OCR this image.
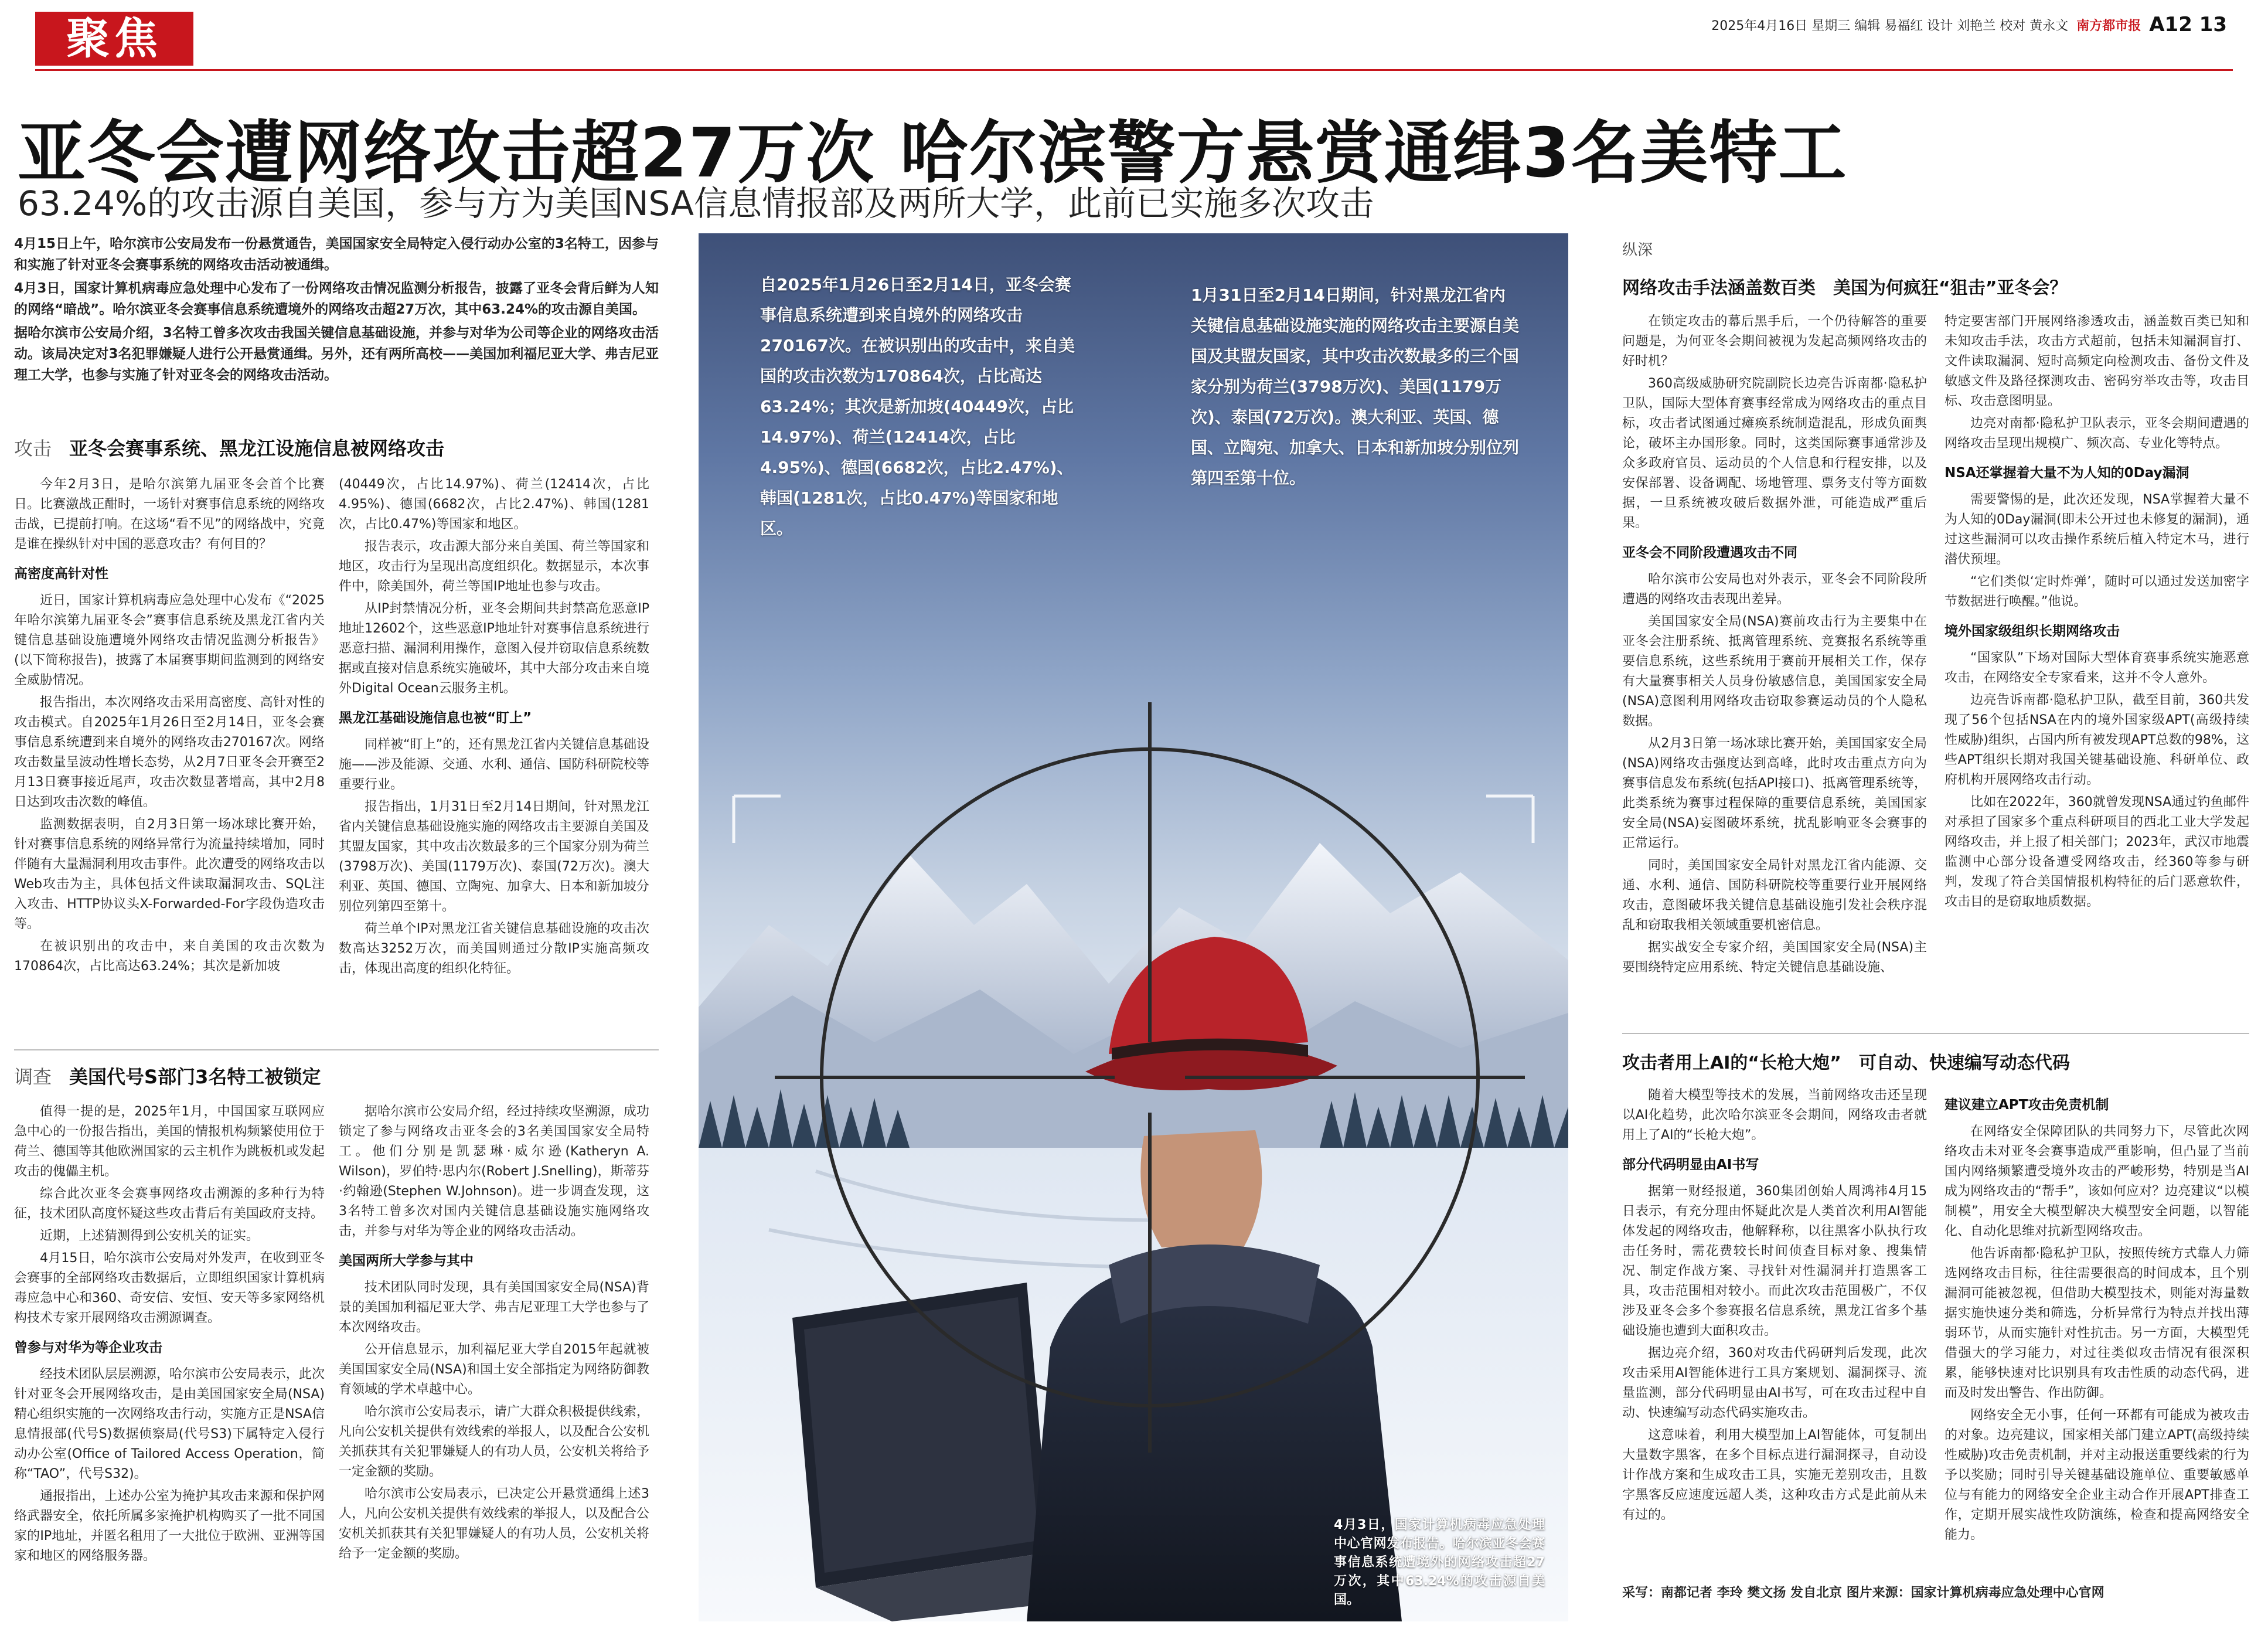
聚焦	2025年4月16日 星期三 编辑 易福红 设计 刘艳兰 校对 黄永文 南方都市报 A12 13
亚冬会遭网络攻击超27万次 哈尔滨警方悬赏通缉3名美特工
63.24%的攻击源自美国，参与方为美国NSA信息情报部及两所大学，此前已实施多次攻击

4月15日上午，哈尔滨市公安局发布一份悬赏通告，美国国家安全局特定入侵行动办公室的3名特工，因参与和实施了针对亚冬会赛事系统的网络攻击活动被通缉。

4月3日，国家计算机病毒应急处理中心发布了一份网络攻击情况监测分析报告，披露了亚冬会背后鲜为人知的网络“暗战”。哈尔滨亚冬会赛事信息系统遭境外的网络攻击超27万次，其中63.24%的攻击源自美国。

据哈尔滨市公安局介绍，3名特工曾多次攻击我国关键信息基础设施，并参与对华为公司等企业的网络攻击活动。该局决定对3名犯罪嫌疑人进行公开悬赏通缉。另外，还有两所高校——美国加利福尼亚大学、弗吉尼亚理工大学，也参与实施了针对亚冬会的网络攻击活动。

攻击 亚冬会赛事系统、黑龙江设施信息被网络攻击

今年2月3日，是哈尔滨第九届亚冬会首个比赛日。比赛激战正酣时，一场针对赛事信息系统的网络攻击战，已提前打响。在这场“看不见”的网络战中，究竟是谁在操纵针对中国的恶意攻击？有何目的？

高密度高针对性

近日，国家计算机病毒应急处理中心发布《“2025年哈尔滨第九届亚冬会”赛事信息系统及黑龙江省内关键信息基础设施遭境外网络攻击情况监测分析报告》(以下简称报告)，披露了本届赛事期间监测到的网络安全威胁情况。

报告指出，本次网络攻击采用高密度、高针对性的攻击模式。自2025年1月26日至2月14日，亚冬会赛事信息系统遭到来自境外的网络攻击270167次。网络攻击数量呈波动性增长态势，从2月7日亚冬会开赛至2月13日赛事接近尾声，攻击次数显著增高，其中2月8日达到攻击次数的峰值。

监测数据表明，自2月3日第一场冰球比赛开始，针对赛事信息系统的网络异常行为流量持续增加，同时伴随有大量漏洞利用攻击事件。此次遭受的网络攻击以Web攻击为主，具体包括文件读取漏洞攻击、SQL注入攻击、HTTP协议头X-Forwarded-For字段伪造攻击等。

在被识别出的攻击中，来自美国的攻击次数为170864次，占比高达63.24%；其次是新加坡

(40449次，占比14.97%)、荷兰(12414次，占比4.95%)、德国(6682次，占比2.47%)、韩国(1281次，占比0.47%)等国家和地区。

报告表示，攻击源大部分来自美国、荷兰等国家和地区，攻击行为呈现出高度组织化。数据显示，本次事件中，除美国外，荷兰等国IP地址也参与攻击。

从IP封禁情况分析，亚冬会期间共封禁高危恶意IP地址12602个，这些恶意IP地址针对赛事信息系统进行恶意扫描、漏洞利用操作，意图入侵并窃取信息系统数据或直接对信息系统实施破坏，其中大部分攻击来自境外Digital Ocean云服务主机。

黑龙江基础设施信息也被“盯上”

同样被“盯上”的，还有黑龙江省内关键信息基础设施——涉及能源、交通、水利、通信、国防科研院校等重要行业。

报告指出，1月31日至2月14日期间，针对黑龙江省内关键信息基础设施实施的网络攻击主要源自美国及其盟友国家，其中攻击次数最多的三个国家分别为荷兰(3798万次)、美国(1179万次)、泰国(72万次)。澳大利亚、英国、德国、立陶宛、加拿大、日本和新加坡分别位列第四至第十。

荷兰单个IP对黑龙江省关键信息基础设施的攻击次数高达3252万次，而美国则通过分散IP实施高频攻击，体现出高度的组织化特征。

调查 美国代号S部门3名特工被锁定

值得一提的是，2025年1月，中国国家互联网应急中心的一份报告指出，美国的情报机构频繁使用位于荷兰、德国等其他欧洲国家的云主机作为跳板机或发起攻击的傀儡主机。

综合此次亚冬会赛事网络攻击溯源的多种行为特征，技术团队高度怀疑这些攻击背后有美国政府支持。

近期，上述猜测得到公安机关的证实。

4月15日，哈尔滨市公安局对外发声，在收到亚冬会赛事的全部网络攻击数据后，立即组织国家计算机病毒应急中心和360、奇安信、安恒、安天等多家网络机构技术专家开展网络攻击溯源调查。

曾参与对华为等企业攻击

经技术团队层层溯源，哈尔滨市公安局表示，此次针对亚冬会开展网络攻击，是由美国国家安全局(NSA)精心组织实施的一次网络攻击行动，实施方正是NSA信息情报部(代号S)数据侦察局(代号S3)下属特定入侵行动办公室(Office of Tailored Access Operation，简称“TAO”，代号S32)。

通报指出，上述办公室为掩护其攻击来源和保护网络武器安全，依托所属多家掩护机构购买了一批不同国家的IP地址，并匿名租用了一大批位于欧洲、亚洲等国家和地区的网络服务器。

据哈尔滨市公安局介绍，经过持续攻坚溯源，成功锁定了参与网络攻击亚冬会的3名美国国家安全局特工。他们分别是凯瑟琳·威尔逊(Katheryn A. Wilson)，罗伯特·思内尔(Robert J.Snelling)，斯蒂芬·约翰逊(Stephen W.Johnson)。进一步调查发现，这3名特工曾多次对国内关键信息基础设施实施网络攻击，并参与对华为等企业的网络攻击活动。

美国两所大学参与其中

技术团队同时发现，具有美国国家安全局(NSA)背景的美国加利福尼亚大学、弗吉尼亚理工大学也参与了本次网络攻击。

公开信息显示，加利福尼亚大学自2015年起就被美国国家安全局(NSA)和国土安全部指定为网络防御教育领域的学术卓越中心。

哈尔滨市公安局表示，请广大群众积极提供线索，凡向公安机关提供有效线索的举报人，以及配合公安机关抓获其有关犯罪嫌疑人的有功人员，公安机关将给予一定金额的奖励。

哈尔滨市公安局表示，已决定公开悬赏通缉上述3人，凡向公安机关提供有效线索的举报人，以及配合公安机关抓获其有关犯罪嫌疑人的有功人员，公安机关将给予一定金额的奖励。

自2025年1月26日至2月14日，亚冬会赛事信息系统遭到来自境外的网络攻击270167次。在被识别出的攻击中，来自美国的攻击次数为170864次，占比高达63.24%；其次是新加坡(40449次，占比14.97%)、荷兰(12414次，占比4.95%)、德国(6682次，占比2.47%)、韩国(1281次，占比0.47%)等国家和地区。
1月31日至2月14日期间，针对黑龙江省内关键信息基础设施实施的网络攻击主要源自美国及其盟友国家，其中攻击次数最多的三个国家分别为荷兰(3798万次)、美国(1179万次)、泰国(72万次)。澳大利亚、英国、德国、立陶宛、加拿大、日本和新加坡分别位列第四至第十位。
4月3日，国家计算机病毒应急处理中心官网发布报告。哈尔滨亚冬会赛事信息系统遭境外的网络攻击超27万次，其中63.24%的攻击源自美国。
纵深
网络攻击手法涵盖数百类　美国为何疯狂“狙击”亚冬会？

在锁定攻击的幕后黑手后，一个仍待解答的重要问题是，为何亚冬会期间被视为发起高频网络攻击的好时机？

360高级威胁研究院副院长边亮告诉南都·隐私护卫队，国际大型体育赛事经常成为网络攻击的重点目标，攻击者试图通过瘫痪系统制造混乱，形成负面舆论，破坏主办国形象。同时，这类国际赛事通常涉及众多政府官员、运动员的个人信息和行程安排，以及安保部署、设备调配、场地管理、票务支付等方面数据，一旦系统被攻破后数据外泄，可能造成严重后果。

亚冬会不同阶段遭遇攻击不同

哈尔滨市公安局也对外表示，亚冬会不同阶段所遭遇的网络攻击表现出差异。

美国国家安全局(NSA)赛前攻击行为主要集中在亚冬会注册系统、抵离管理系统、竞赛报名系统等重要信息系统，这些系统用于赛前开展相关工作，保存有大量赛事相关人员身份敏感信息，美国国家安全局(NSA)意图利用网络攻击窃取参赛运动员的个人隐私数据。

从2月3日第一场冰球比赛开始，美国国家安全局(NSA)网络攻击强度达到高峰，此时攻击重点方向为赛事信息发布系统(包括API接口)、抵离管理系统等，此类系统为赛事过程保障的重要信息系统，美国国家安全局(NSA)妄图破坏系统，扰乱影响亚冬会赛事的正常运行。

同时，美国国家安全局针对黑龙江省内能源、交通、水利、通信、国防科研院校等重要行业开展网络攻击，意图破坏我关键信息基础设施引发社会秩序混乱和窃取我相关领域重要机密信息。

据实战安全专家介绍，美国国家安全局(NSA)主要围绕特定应用系统、特定关键信息基础设施、

特定要害部门开展网络渗透攻击，涵盖数百类已知和未知攻击手法，攻击方式超前，包括未知漏洞盲打、文件读取漏洞、短时高频定向检测攻击、备份文件及敏感文件及路径探测攻击、密码穷举攻击等，攻击目标、攻击意图明显。

边亮对南都·隐私护卫队表示，亚冬会期间遭遇的网络攻击呈现出规模广、频次高、专业化等特点。

NSA还掌握着大量不为人知的0Day漏洞

需要警惕的是，此次还发现，NSA掌握着大量不为人知的0Day漏洞(即未公开过也未修复的漏洞)，通过这些漏洞可以攻击操作系统后植入特定木马，进行潜伏预埋。

“它们类似‘定时炸弹’，随时可以通过发送加密字节数据进行唤醒。”他说。

境外国家级组织长期网络攻击

“国家队”下场对国际大型体育赛事系统实施恶意攻击，在网络安全专家看来，这并不令人意外。

边亮告诉南都·隐私护卫队，截至目前，360共发现了56个包括NSA在内的境外国家级APT(高级持续性威胁)组织，占国内所有被发现APT总数的98%，这些APT组织长期对我国关键基础设施、科研单位、政府机构开展网络攻击行动。

比如在2022年，360就曾发现NSA通过钓鱼邮件对承担了国家多个重点科研项目的西北工业大学发起网络攻击，并上报了相关部门；2023年，武汉市地震监测中心部分设备遭受网络攻击，经360等参与研判，发现了符合美国情报机构特征的后门恶意软件，攻击目的是窃取地质数据。

攻击者用上AI的“长枪大炮”　可自动、快速编写动态代码

随着大模型等技术的发展，当前网络攻击还呈现以AI化趋势，此次哈尔滨亚冬会期间，网络攻击者就用上了AI的“长枪大炮”。

部分代码明显由AI书写

据第一财经报道，360集团创始人周鸿祎4月15日表示，有充分理由怀疑此次是人类首次利用AI智能体发起的网络攻击，他解释称，以往黑客小队执行攻击任务时，需花费较长时间侦查目标对象、搜集情况、制定作战方案、寻找针对性漏洞并打造黑客工具，攻击范围相对较小。而此次攻击范围极广，不仅涉及亚冬会多个参赛报名信息系统，黑龙江省多个基础设施也遭到大面积攻击。

据边亮介绍，360对攻击代码研判后发现，此次攻击采用AI智能体进行工具方案规划、漏洞探寻、流量监测，部分代码明显由AI书写，可在攻击过程中自动、快速编写动态代码实施攻击。

这意味着，利用大模型加上AI智能体，可复制出大量数字黑客，在多个目标点进行漏洞探寻，自动设计作战方案和生成攻击工具，实施无差别攻击，且数字黑客反应速度远超人类，这种攻击方式是此前从未有过的。

建议建立APT攻击免责机制

在网络安全保障团队的共同努力下，尽管此次网络攻击未对亚冬会赛事造成严重影响，但凸显了当前国内网络频繁遭受境外攻击的严峻形势，特别是当AI成为网络攻击的“帮手”，该如何应对？边亮建议“以模制模”，用安全大模型解决大模型安全问题，以智能化、自动化思维对抗新型网络攻击。

他告诉南都·隐私护卫队，按照传统方式靠人力筛选网络攻击目标，往往需要很高的时间成本，且个别漏洞可能被忽视，但借助大模型技术，则能对海量数据实施快速分类和筛选，分析异常行为特点并找出薄弱环节，从而实施针对性抗击。另一方面，大模型凭借强大的学习能力，对过往类似攻击情况有很深积累，能够快速对比识别具有攻击性质的动态代码，进而及时发出警告、作出防御。

网络安全无小事，任何一环都有可能成为被攻击的对象。边亮建议，国家相关部门建立APT(高级持续性威胁)攻击免责机制，并对主动报送重要线索的行为予以奖励；同时引导关键基础设施单位、重要敏感单位与有能力的网络安全企业主动合作开展APT排查工作，定期开展实战性攻防演练，检查和提高网络安全能力。

采写：南都记者 李玲 樊文扬 发自北京 图片来源：国家计算机病毒应急处理中心官网
